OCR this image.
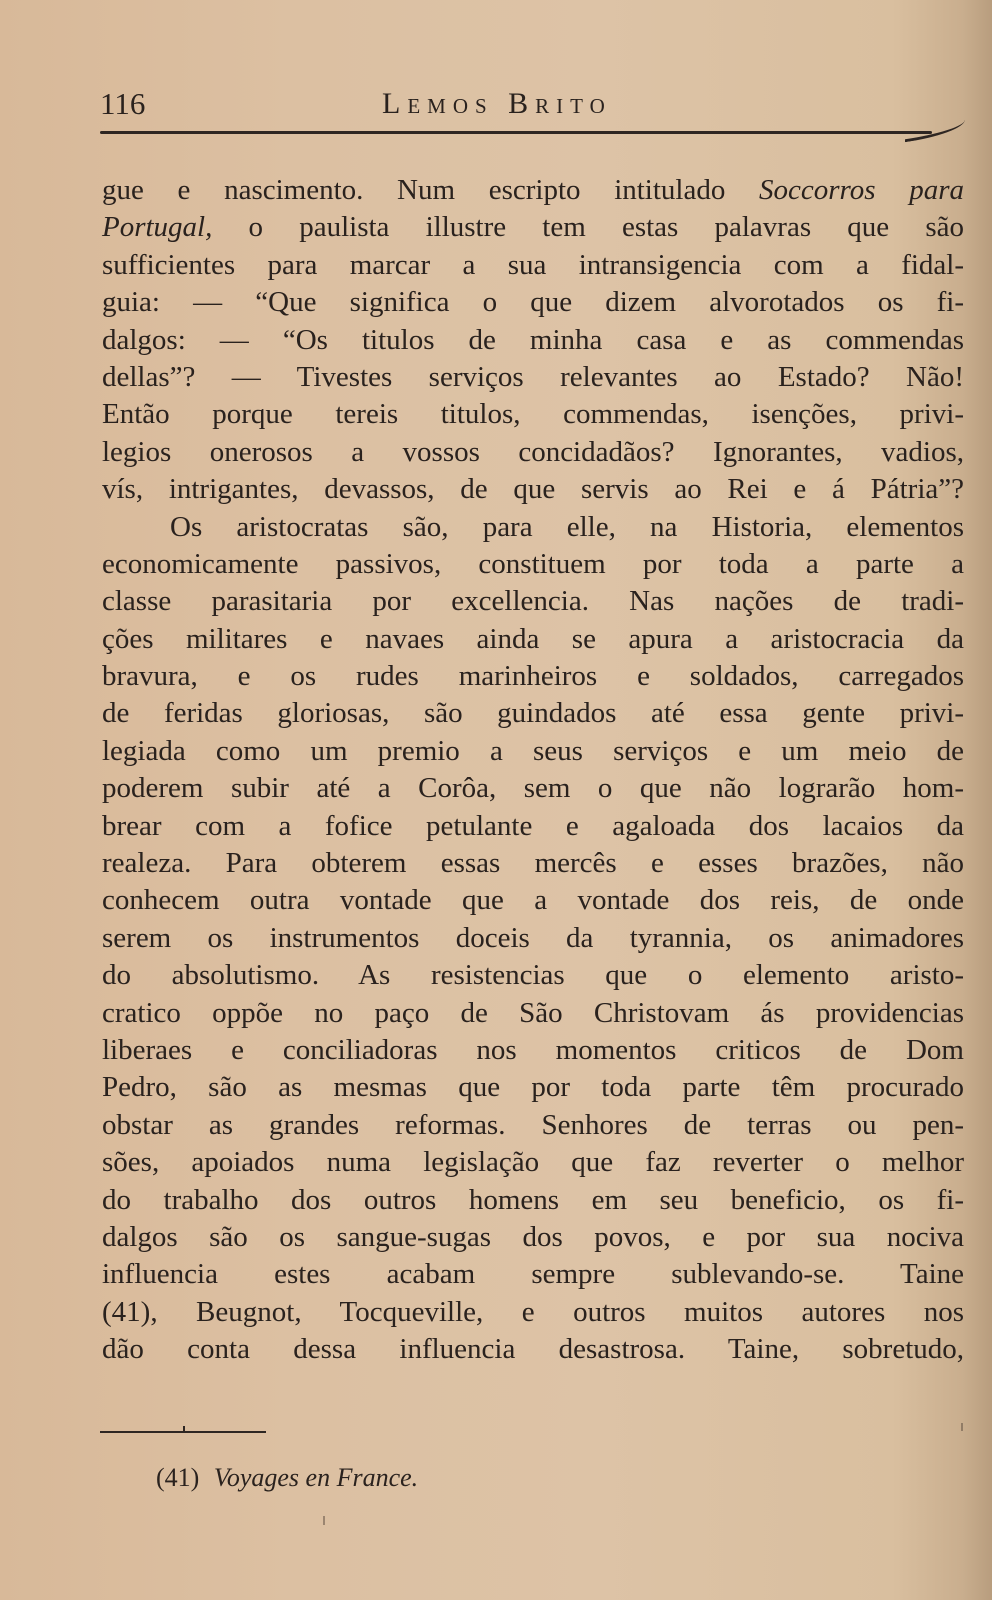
116	Lemos Brito
gue e nascimento. Num escripto intitulado Soccorros para
Portugal, o paulista illustre tem estas palavras que são
sufficientes para marcar a sua intransigencia com a fidal-
guia: — “Que significa o que dizem alvorotados os fi-
dalgos: — “Os titulos de minha casa e as commendas
dellas”? — Tivestes serviços relevantes ao Estado? Não!
Então porque tereis titulos, commendas, isenções, privi-
legios onerosos a vossos concidadãos? Ignorantes, vadios,
vís, intrigantes, devassos, de que servis ao Rei e á Pátria”?
Os aristocratas são, para elle, na Historia, elementos
economicamente passivos, constituem por toda a parte a
classe parasitaria por excellencia. Nas nações de tradi-
ções militares e navaes ainda se apura a aristocracia da
bravura, e os rudes marinheiros e soldados, carregados
de feridas gloriosas, são guindados até essa gente privi-
legiada como um premio a seus serviços e um meio de
poderem subir até a Corôa, sem o que não lograrão hom-
brear com a fofice petulante e agaloada dos lacaios da
realeza. Para obterem essas mercês e esses brazões, não
conhecem outra vontade que a vontade dos reis, de onde
serem os instrumentos doceis da tyrannia, os animadores
do absolutismo. As resistencias que o elemento aristo-
cratico oppõe no paço de São Christovam ás providencias
liberaes e conciliadoras nos momentos criticos de Dom
Pedro, são as mesmas que por toda parte têm procurado
obstar as grandes reformas. Senhores de terras ou pen-
sões, apoiados numa legislação que faz reverter o melhor
do trabalho dos outros homens em seu beneficio, os fi-
dalgos são os sangue-sugas dos povos, e por sua nociva
influencia estes acabam sempre sublevando-se. Taine
(41), Beugnot, Tocqueville, e outros muitos autores nos
dão conta dessa influencia desastrosa. Taine, sobretudo,
(41) Voyages en France.
